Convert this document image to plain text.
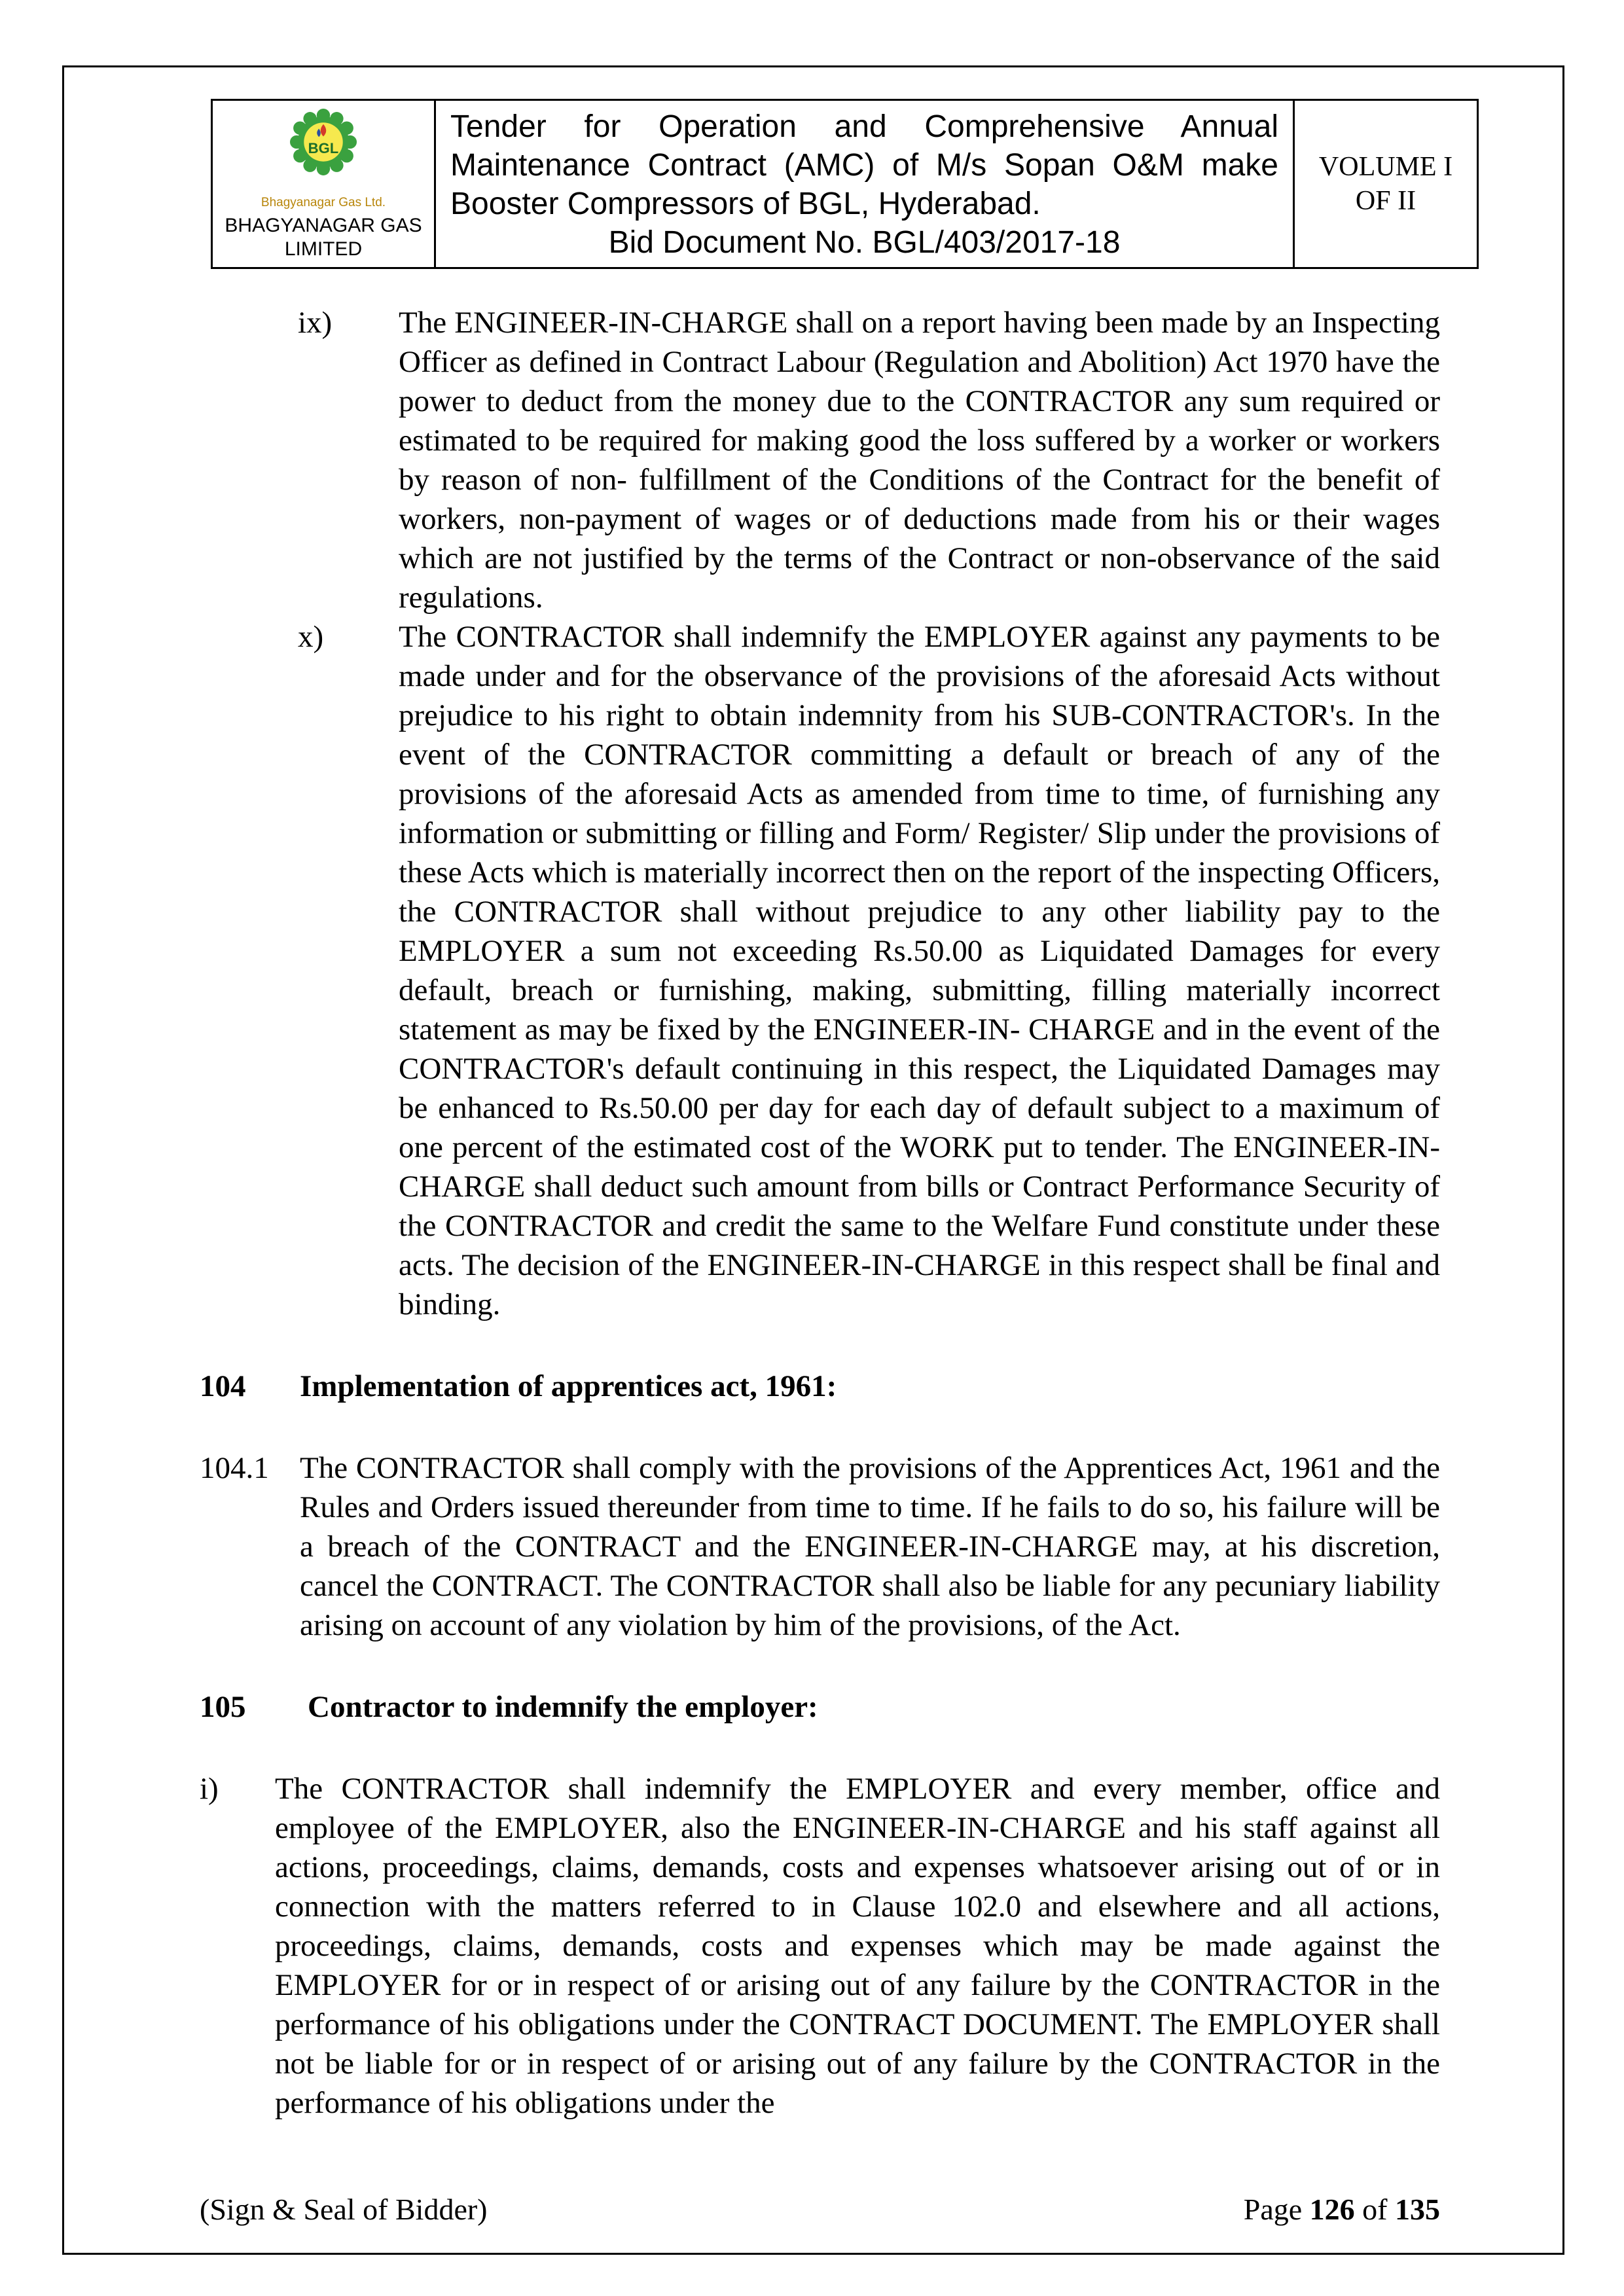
BGL
Bhagyanagar Gas Ltd.
BHAGYANAGAR GAS
LIMITED
Tender for Operation and Comprehensive Annual Maintenance Contract (AMC) of M/s Sopan O&M make Booster Compressors of BGL, Hyderabad.
Bid Document No. BGL/403/2017-18
VOLUME I
OF II
ix)	The ENGINEER-IN-CHARGE shall on a report having been made by an Inspecting Officer as defined in Contract Labour (Regulation and Abolition) Act 1970 have the power to deduct from the money due to the CONTRACTOR any sum required or estimated to be required for making good the loss suffered by a worker or workers by reason of non- fulfillment of the Conditions of the Contract for the benefit of workers, non-payment of wages or of deductions made from his or their wages which are not justified by the terms of the Contract or non-observance of the said regulations.
x)	The CONTRACTOR shall indemnify the EMPLOYER against any payments to be made under and for the observance of the provisions of the aforesaid Acts without prejudice to his right to obtain indemnity from his SUB-CONTRACTOR's. In the event of the CONTRACTOR committing a default or breach of any of the provisions of the aforesaid Acts as amended from time to time, of furnishing any information or submitting or filling and Form/ Register/ Slip under the provisions of these Acts which is materially incorrect then on the report of the inspecting Officers, the CONTRACTOR shall without prejudice to any other liability pay to the EMPLOYER a sum not exceeding Rs.50.00 as Liquidated Damages for every default, breach or furnishing, making, submitting, filling materially incorrect statement as may be fixed by the ENGINEER-IN- CHARGE and in the event of the CONTRACTOR's default continuing in this respect, the Liquidated Damages may be enhanced to Rs.50.00 per day for each day of default subject to a maximum of one percent of the estimated cost of the WORK put to tender. The ENGINEER-IN-CHARGE shall deduct such amount from bills or Contract Performance Security of the CONTRACTOR and credit the same to the Welfare Fund constitute under these acts. The decision of the ENGINEER-IN-CHARGE in this respect shall be final and binding.
104	Implementation of apprentices act, 1961:
104.1	The CONTRACTOR shall comply with the provisions of the Apprentices Act, 1961 and the Rules and Orders issued thereunder from time to time. If he fails to do so, his failure will be a breach of the CONTRACT and the ENGINEER-IN-CHARGE may, at his discretion, cancel the CONTRACT. The CONTRACTOR shall also be liable for any pecuniary liability arising on account of any violation by him of the provisions, of the Act.
105	Contractor to indemnify the employer:
i)	The CONTRACTOR shall indemnify the EMPLOYER and every member, office and employee of the EMPLOYER, also the ENGINEER-IN-CHARGE and his staff against all actions, proceedings, claims, demands, costs and expenses whatsoever arising out of or in connection with the matters referred to in Clause 102.0 and elsewhere and all actions, proceedings, claims, demands, costs and expenses which may be made against the EMPLOYER for or in respect of or arising out of any failure by the CONTRACTOR in the performance of his obligations under the CONTRACT DOCUMENT. The EMPLOYER shall not be liable for or in respect of or arising out of any failure by the CONTRACTOR in the performance of his obligations under the
(Sign & Seal of Bidder)	Page 126 of 135
